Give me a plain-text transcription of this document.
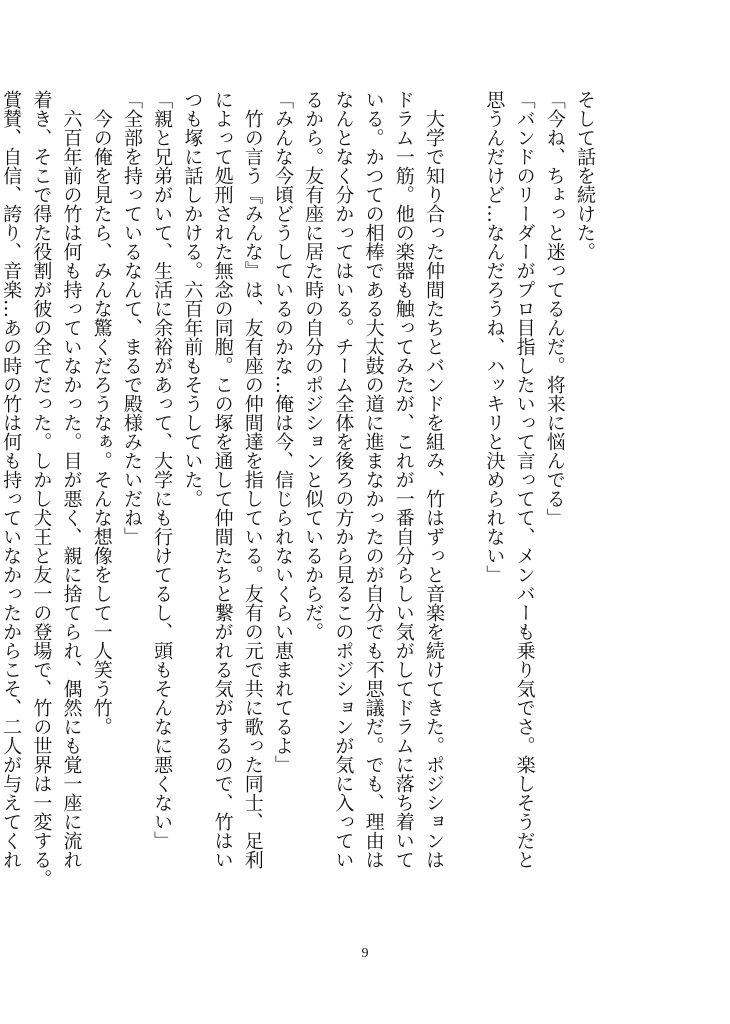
そして話を続けた。
「今ね、ちょっと迷ってるんだ。将来に悩んでる」
「バンドのリーダーがプロ目指したいって言ってて、メンバーも乗り気でさ。楽しそうだと
思うんだけど…なんだろうね、ハッキリと決められない」
　大学で知り合った仲間たちとバンドを組み、竹はずっと音楽を続けてきた。ポジションは
ドラム一筋。他の楽器も触ってみたが、これが一番自分らしい気がしてドラムに落ち着いて
いる。かつての相棒である大太鼓の道に進まなかったのが自分でも不思議だ。でも、理由は
なんとなく分かってはいる。チーム全体を後ろの方から見るこのポジションが気に入ってい
るから。友有座に居た時の自分のポジションと似ているからだ。
「みんな今頃どうしているのかな…俺は今、信じられないくらい恵まれてるよ」
　竹の言う『みんな』は、友有座の仲間達を指している。友有の元で共に歌った同士、足利
によって処刑された無念の同胞。この塚を通して仲間たちと繋がれる気がするので、竹はい
つも塚に話しかける。六百年前もそうしていた。
「親と兄弟がいて、生活に余裕があって、大学にも行けてるし、頭もそんなに悪くない」
「全部を持っているなんて、まるで殿様みたいだね」
　今の俺を見たら、みんな驚くだろうなぁ。そんな想像をして一人笑う竹。
　六百年前の竹は何も持っていなかった。目が悪く、親に捨てられ、偶然にも覚一座に流れ
着き、そこで得た役割が彼の全てだった。しかし犬王と友一の登場で、竹の世界は一変する。
賞賛、自信、誇り、音楽…あの時の竹は何も持っていなかったからこそ、二人が与えてくれ
9
